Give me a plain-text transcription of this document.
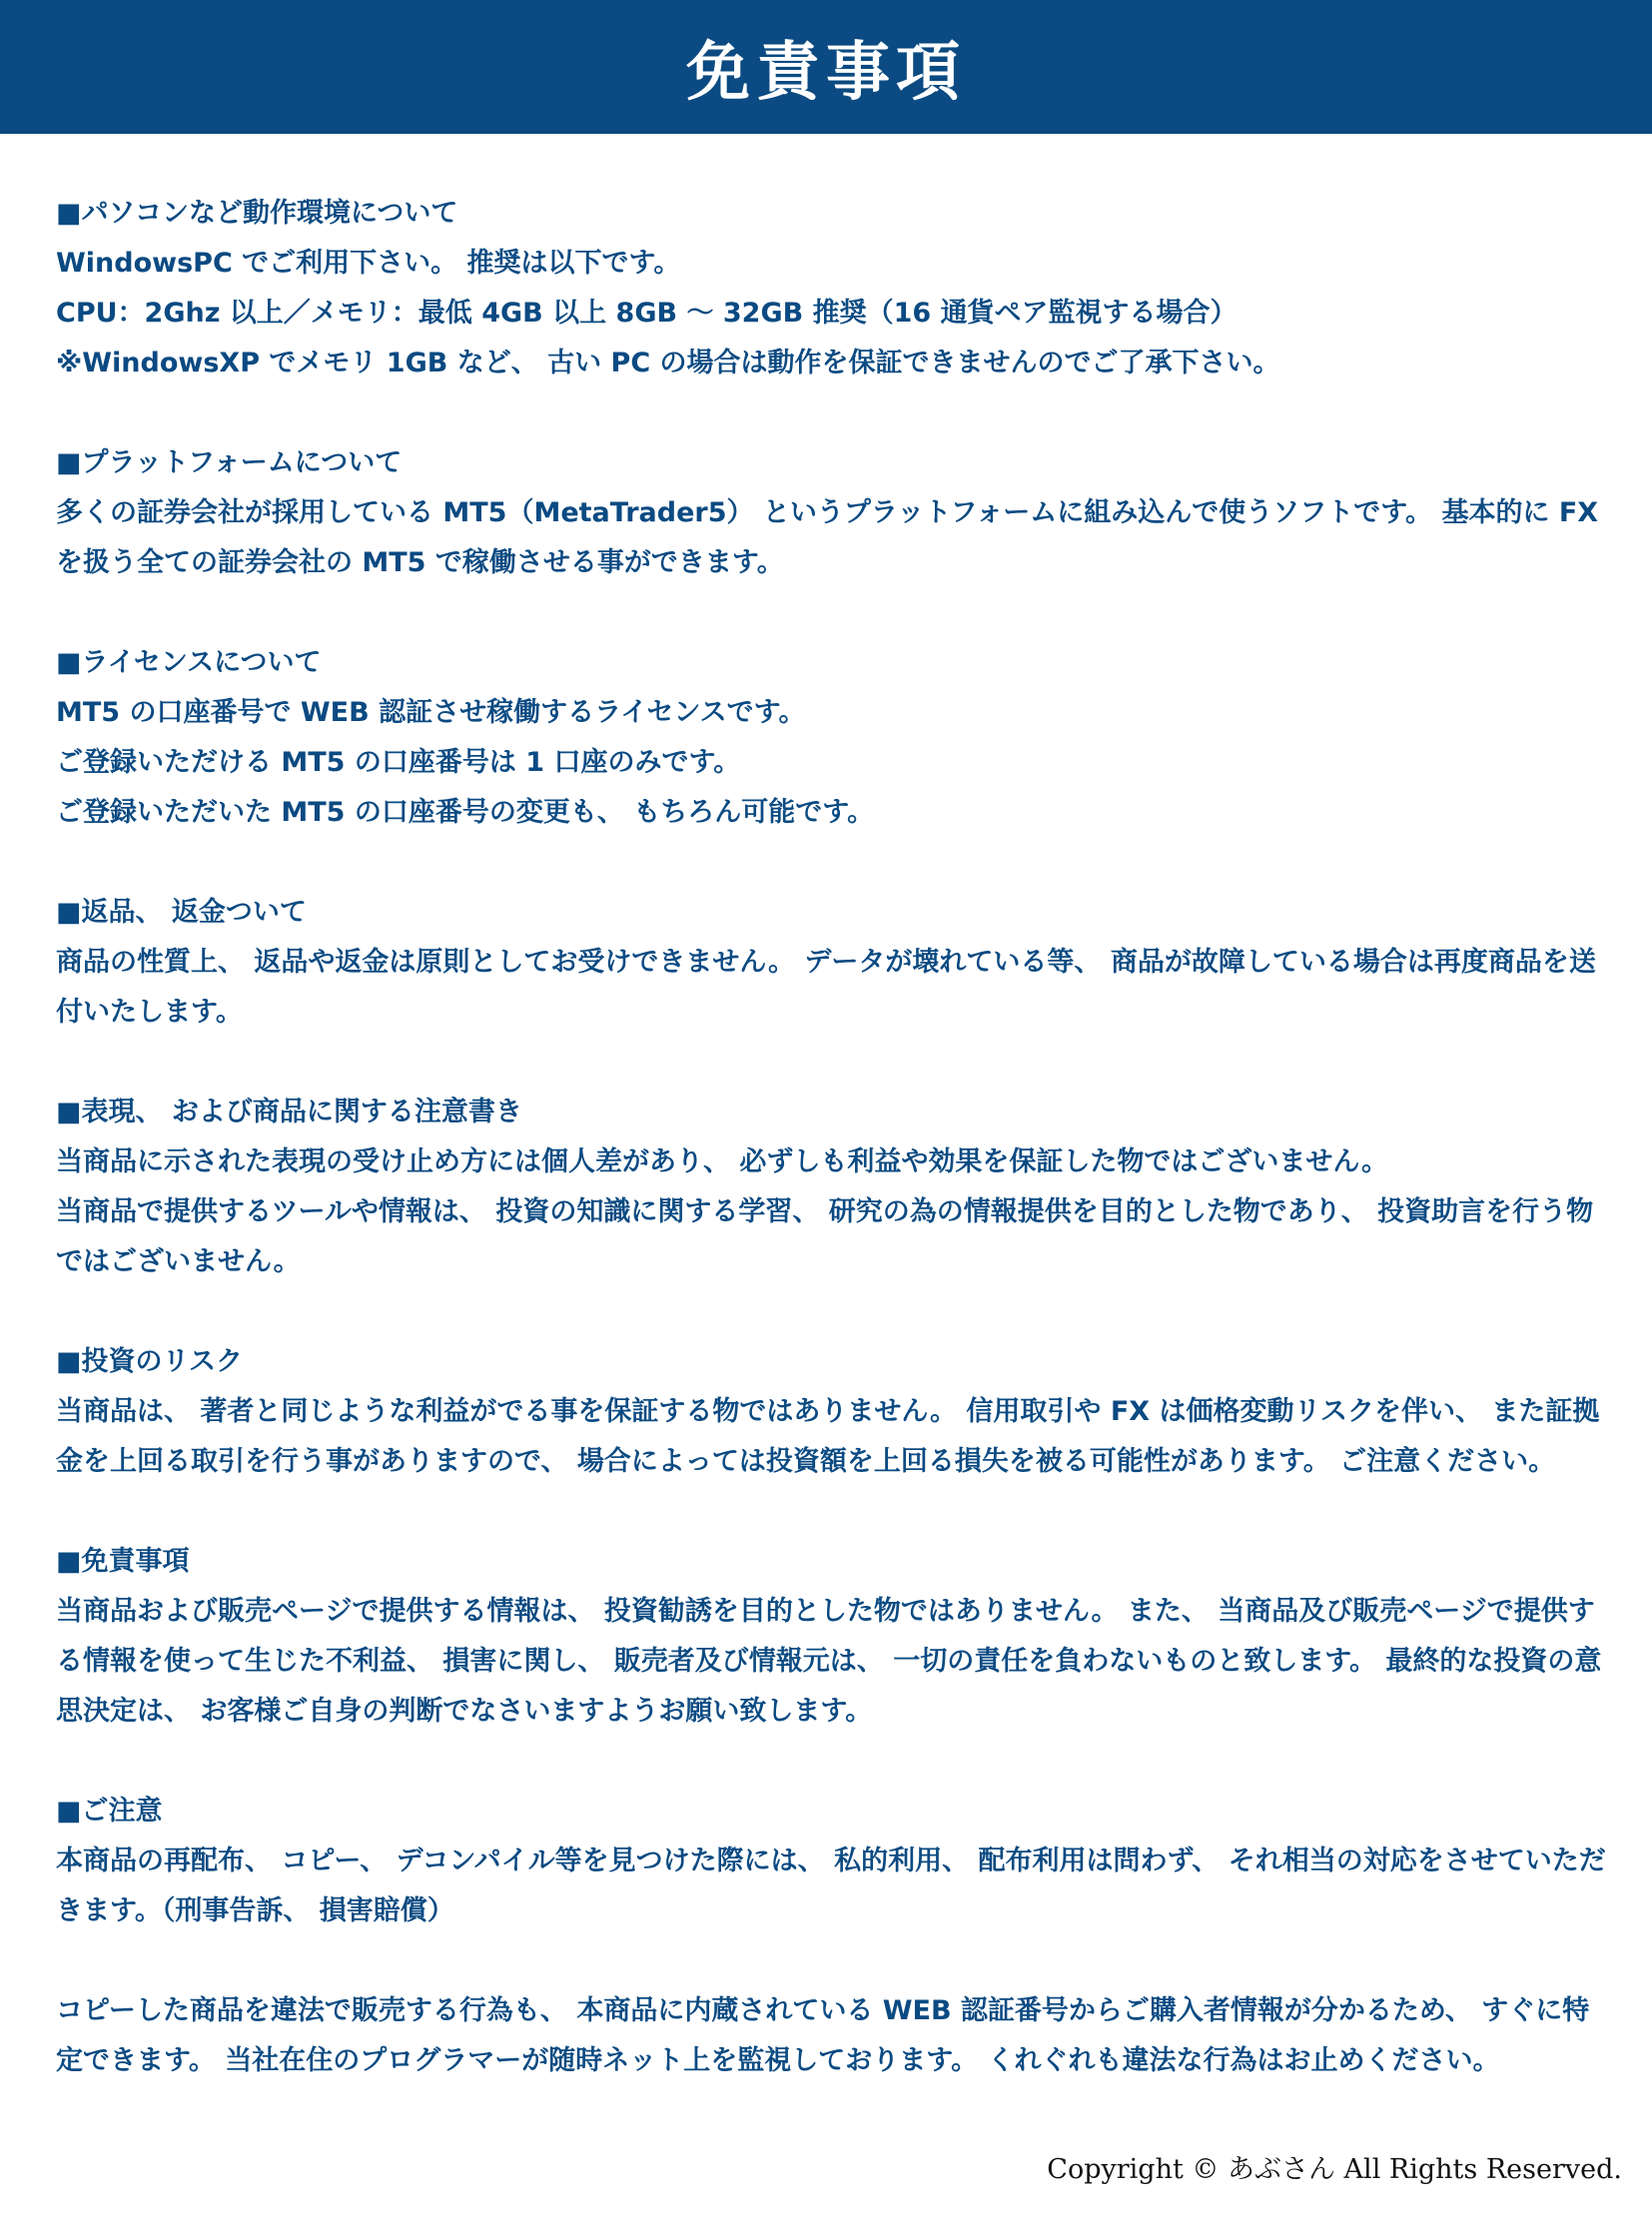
免責事項
■パソコンなど動作環境について

WindowsPC でご利用下さい。 推奨は以下です。

CPU：2Ghz 以上／メモリ：最低 4GB 以上 8GB ～ 32GB 推奨（16 通貨ペア監視する場合）

※WindowsXP でメモリ 1GB など、 古い PC の場合は動作を保証できませんのでご了承下さい。

■プラットフォームについて

多くの証券会社が採用している MT5（MetaTrader5） というプラットフォームに組み込んで使うソフトです。 基本的に FX を扱う全ての証券会社の MT5 で稼働させる事ができます。

■ライセンスについて

MT5 の口座番号で WEB 認証させ稼働するライセンスです。

ご登録いただける MT5 の口座番号は 1 口座のみです。

ご登録いただいた MT5 の口座番号の変更も、 もちろん可能です。

■返品、 返金ついて

商品の性質上、 返品や返金は原則としてお受けできません。 データが壊れている等、 商品が故障している場合は再度商品を送付いたします。

■表現、 および商品に関する注意書き

当商品に示された表現の受け止め方には個人差があり、 必ずしも利益や効果を保証した物ではございません。

当商品で提供するツールや情報は、 投資の知識に関する学習、 研究の為の情報提供を目的とした物であり、 投資助言を行う物ではございません。

■投資のリスク

当商品は、 著者と同じような利益がでる事を保証する物ではありません。 信用取引や FX は価格変動リスクを伴い、 また証拠金を上回る取引を行う事がありますので、 場合によっては投資額を上回る損失を被る可能性があります。 ご注意ください。

■免責事項

当商品および販売ページで提供する情報は、 投資勧誘を目的とした物ではありません。 また、 当商品及び販売ページで提供する情報を使って生じた不利益、 損害に関し、 販売者及び情報元は、 一切の責任を負わないものと致します。 最終的な投資の意思決定は、 お客様ご自身の判断でなさいますようお願い致します。

■ご注意

本商品の再配布、 コピー、 デコンパイル等を見つけた際には、 私的利用、 配布利用は問わず、 それ相当の対応をさせていただきます。（刑事告訴、 損害賠償）

コピーした商品を違法で販売する行為も、 本商品に内蔵されている WEB 認証番号からご購入者情報が分かるため、 すぐに特定できます。 当社在住のプログラマーが随時ネット上を監視しております。 くれぐれも違法な行為はお止めください。

Copyright © あぶさん All Rights Reserved.
